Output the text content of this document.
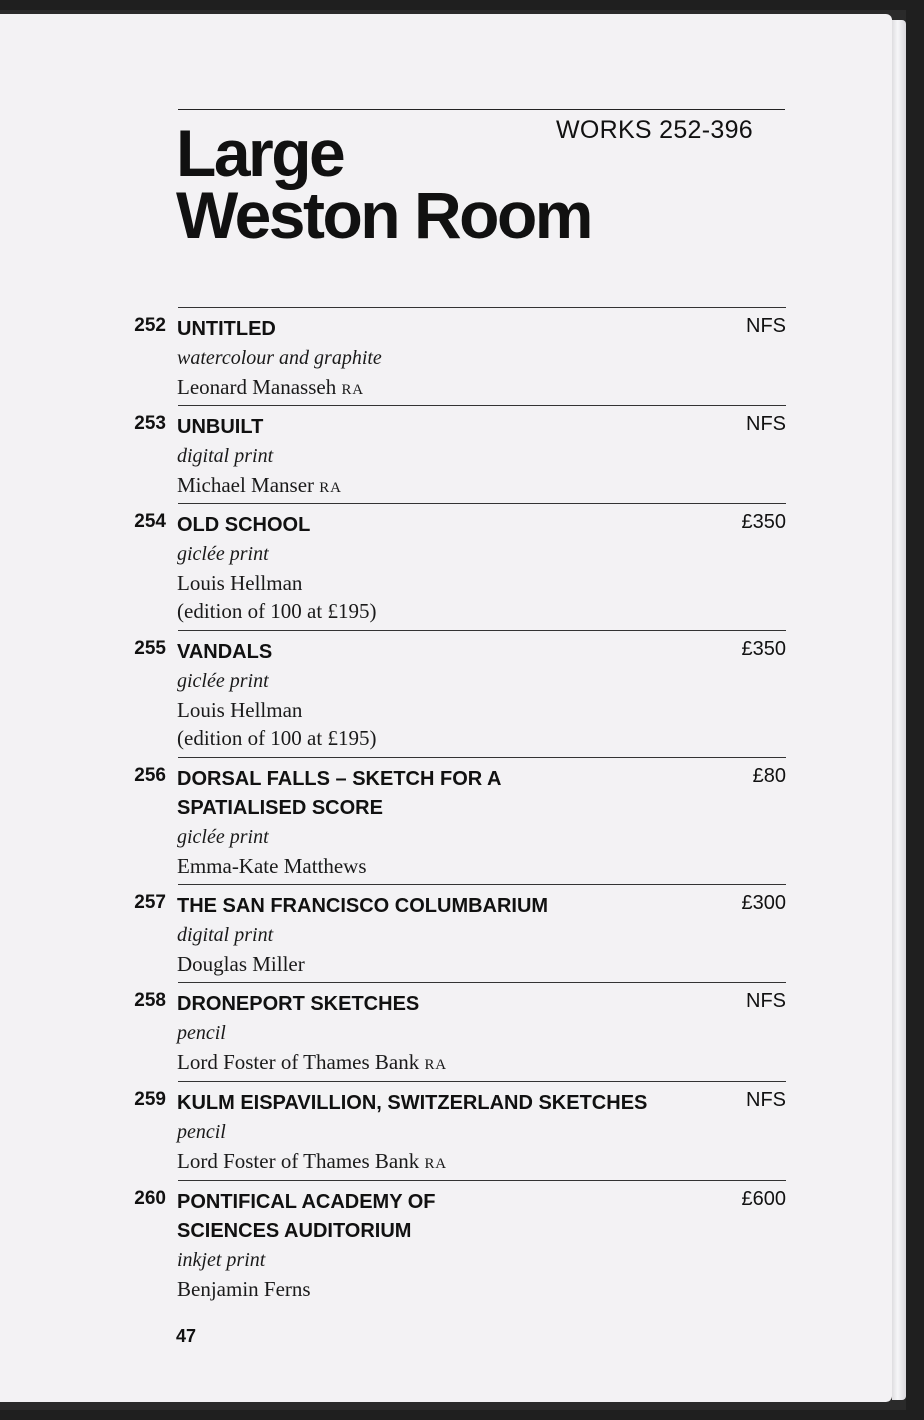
Large
Weston Room
WORKS 252-396
252 UNTITLED
watercolour and graphite
Leonard Manasseh RA
NFS
253 UNBUILT
digital print
Michael Manser RA
NFS
254 OLD SCHOOL
giclée print
Louis Hellman
(edition of 100 at £195)
£350
255 VANDALS
giclée print
Louis Hellman
(edition of 100 at £195)
£350
256 DORSAL FALLS – SKETCH FOR A SPATIALISED SCORE
giclée print
Emma-Kate Matthews
£80
257 THE SAN FRANCISCO COLUMBARIUM
digital print
Douglas Miller
£300
258 DRONEPORT SKETCHES
pencil
Lord Foster of Thames Bank RA
NFS
259 KULM EISPAVILLION, SWITZERLAND SKETCHES
pencil
Lord Foster of Thames Bank RA
NFS
260 PONTIFICAL ACADEMY OF SCIENCES AUDITORIUM
inkjet print
Benjamin Ferns
£600
47
